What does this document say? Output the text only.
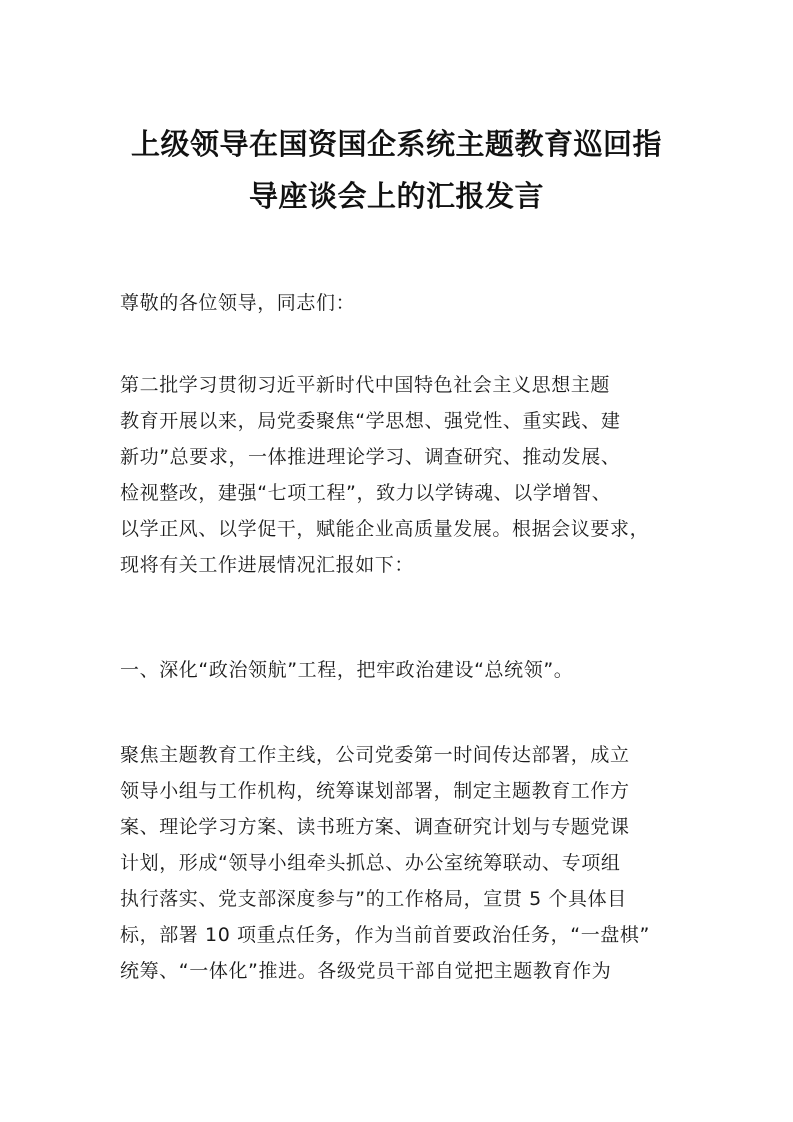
上级领导在国资国企系统主题教育巡回指
导座谈会上的汇报发言
尊敬的各位领导，同志们：
第二批学习贯彻习近平新时代中国特色社会主义思想主题
教育开展以来，局党委聚焦“学思想、强党性、重实践、建
新功”总要求，一体推进理论学习、调查研究、推动发展、
检视整改，建强“七项工程”，致力以学铸魂、以学增智、
以学正风、以学促干，赋能企业高质量发展。根据会议要求，
现将有关工作进展情况汇报如下：
一、深化“政治领航”工程，把牢政治建设“总统领”。
聚焦主题教育工作主线，公司党委第一时间传达部署，成立
领导小组与工作机构，统筹谋划部署，制定主题教育工作方
案、理论学习方案、读书班方案、调查研究计划与专题党课
计划，形成“领导小组牵头抓总、办公室统筹联动、专项组
执行落实、党支部深度参与”的工作格局，宣贯 5 个具体目
标，部署 10 项重点任务，作为当前首要政治任务，“一盘棋”
统筹、“一体化”推进。各级党员干部自觉把主题教育作为
